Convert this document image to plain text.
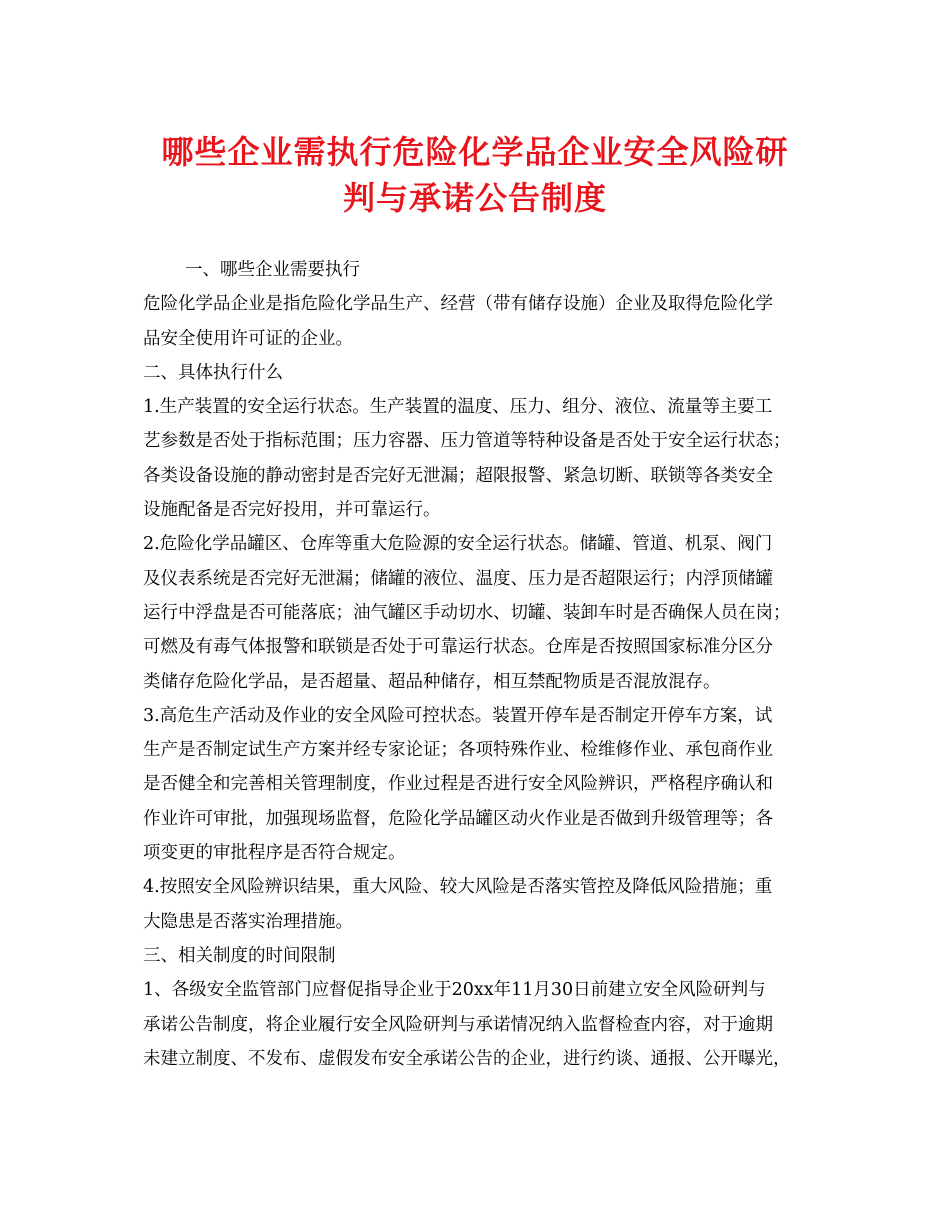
哪些企业需执行危险化学品企业安全风险研
判与承诺公告制度

一、哪些企业需要执行

危险化学品企业是指危险化学品生产、经营（带有储存设施）企业及取得危险化学

品安全使用许可证的企业。

二、具体执行什么

1.生产装置的安全运行状态。生产装置的温度、压力、组分、液位、流量等主要工

艺参数是否处于指标范围；压力容器、压力管道等特种设备是否处于安全运行状态；

各类设备设施的静动密封是否完好无泄漏；超限报警、紧急切断、联锁等各类安全

设施配备是否完好投用，并可靠运行。

2.危险化学品罐区、仓库等重大危险源的安全运行状态。储罐、管道、机泵、阀门

及仪表系统是否完好无泄漏；储罐的液位、温度、压力是否超限运行；内浮顶储罐

运行中浮盘是否可能落底；油气罐区手动切水、切罐、装卸车时是否确保人员在岗；

可燃及有毒气体报警和联锁是否处于可靠运行状态。仓库是否按照国家标准分区分

类储存危险化学品，是否超量、超品种储存，相互禁配物质是否混放混存。

3.高危生产活动及作业的安全风险可控状态。装置开停车是否制定开停车方案，试

生产是否制定试生产方案并经专家论证；各项特殊作业、检维修作业、承包商作业

是否健全和完善相关管理制度，作业过程是否进行安全风险辨识，严格程序确认和

作业许可审批，加强现场监督，危险化学品罐区动火作业是否做到升级管理等；各

项变更的审批程序是否符合规定。

4.按照安全风险辨识结果，重大风险、较大风险是否落实管控及降低风险措施；重

大隐患是否落实治理措施。

三、相关制度的时间限制

1、各级安全监管部门应督促指导企业于20xx年11月30日前建立安全风险研判与

承诺公告制度，将企业履行安全风险研判与承诺情况纳入监督检查内容，对于逾期

未建立制度、不发布、虚假发布安全承诺公告的企业，进行约谈、通报、公开曝光，
